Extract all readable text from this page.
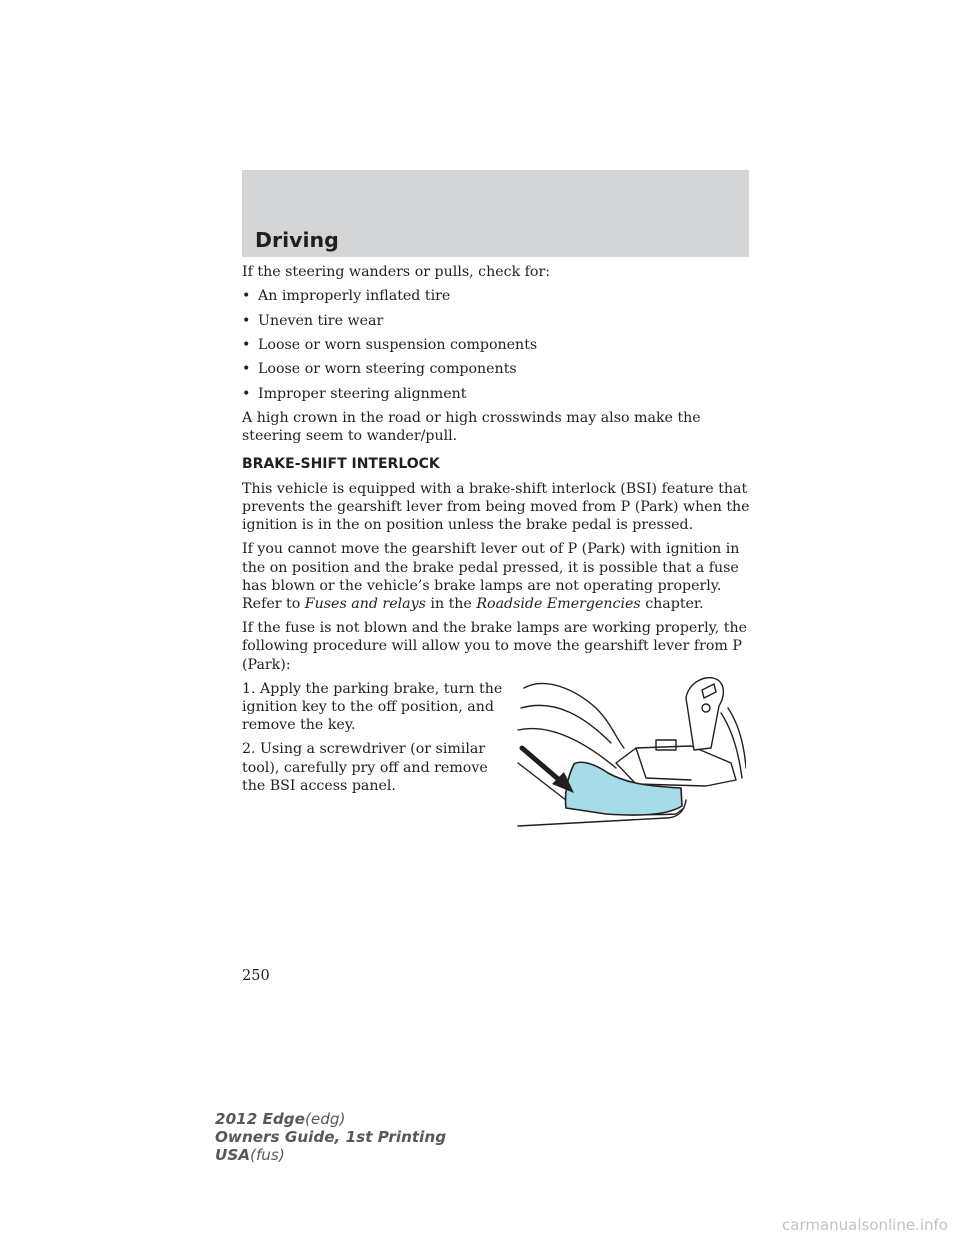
Driving

If the steering wanders or pulls, check for:

• An improperly inflated tire
• Uneven tire wear
• Loose or worn suspension components
• Loose or worn steering components
• Improper steering alignment

A high crown in the road or high crosswinds may also make the steering seem to wander/pull.

BRAKE-SHIFT INTERLOCK

This vehicle is equipped with a brake-shift interlock (BSI) feature that prevents the gearshift lever from being moved from P (Park) when the ignition is in the on position unless the brake pedal is pressed.

If you cannot move the gearshift lever out of P (Park) with ignition in the on position and the brake pedal pressed, it is possible that a fuse has blown or the vehicle’s brake lamps are not operating properly. Refer to Fuses and relays in the Roadside Emergencies chapter.

If the fuse is not blown and the brake lamps are working properly, the following procedure will allow you to move the gearshift lever from P (Park):

1. Apply the parking brake, turn the ignition key to the off position, and remove the key.

2. Using a screwdriver (or similar tool), carefully pry off and remove the BSI access panel.

250
2012 Edge(edg)
Owners Guide, 1st Printing
USA(fus)
carmanualsonline.info
